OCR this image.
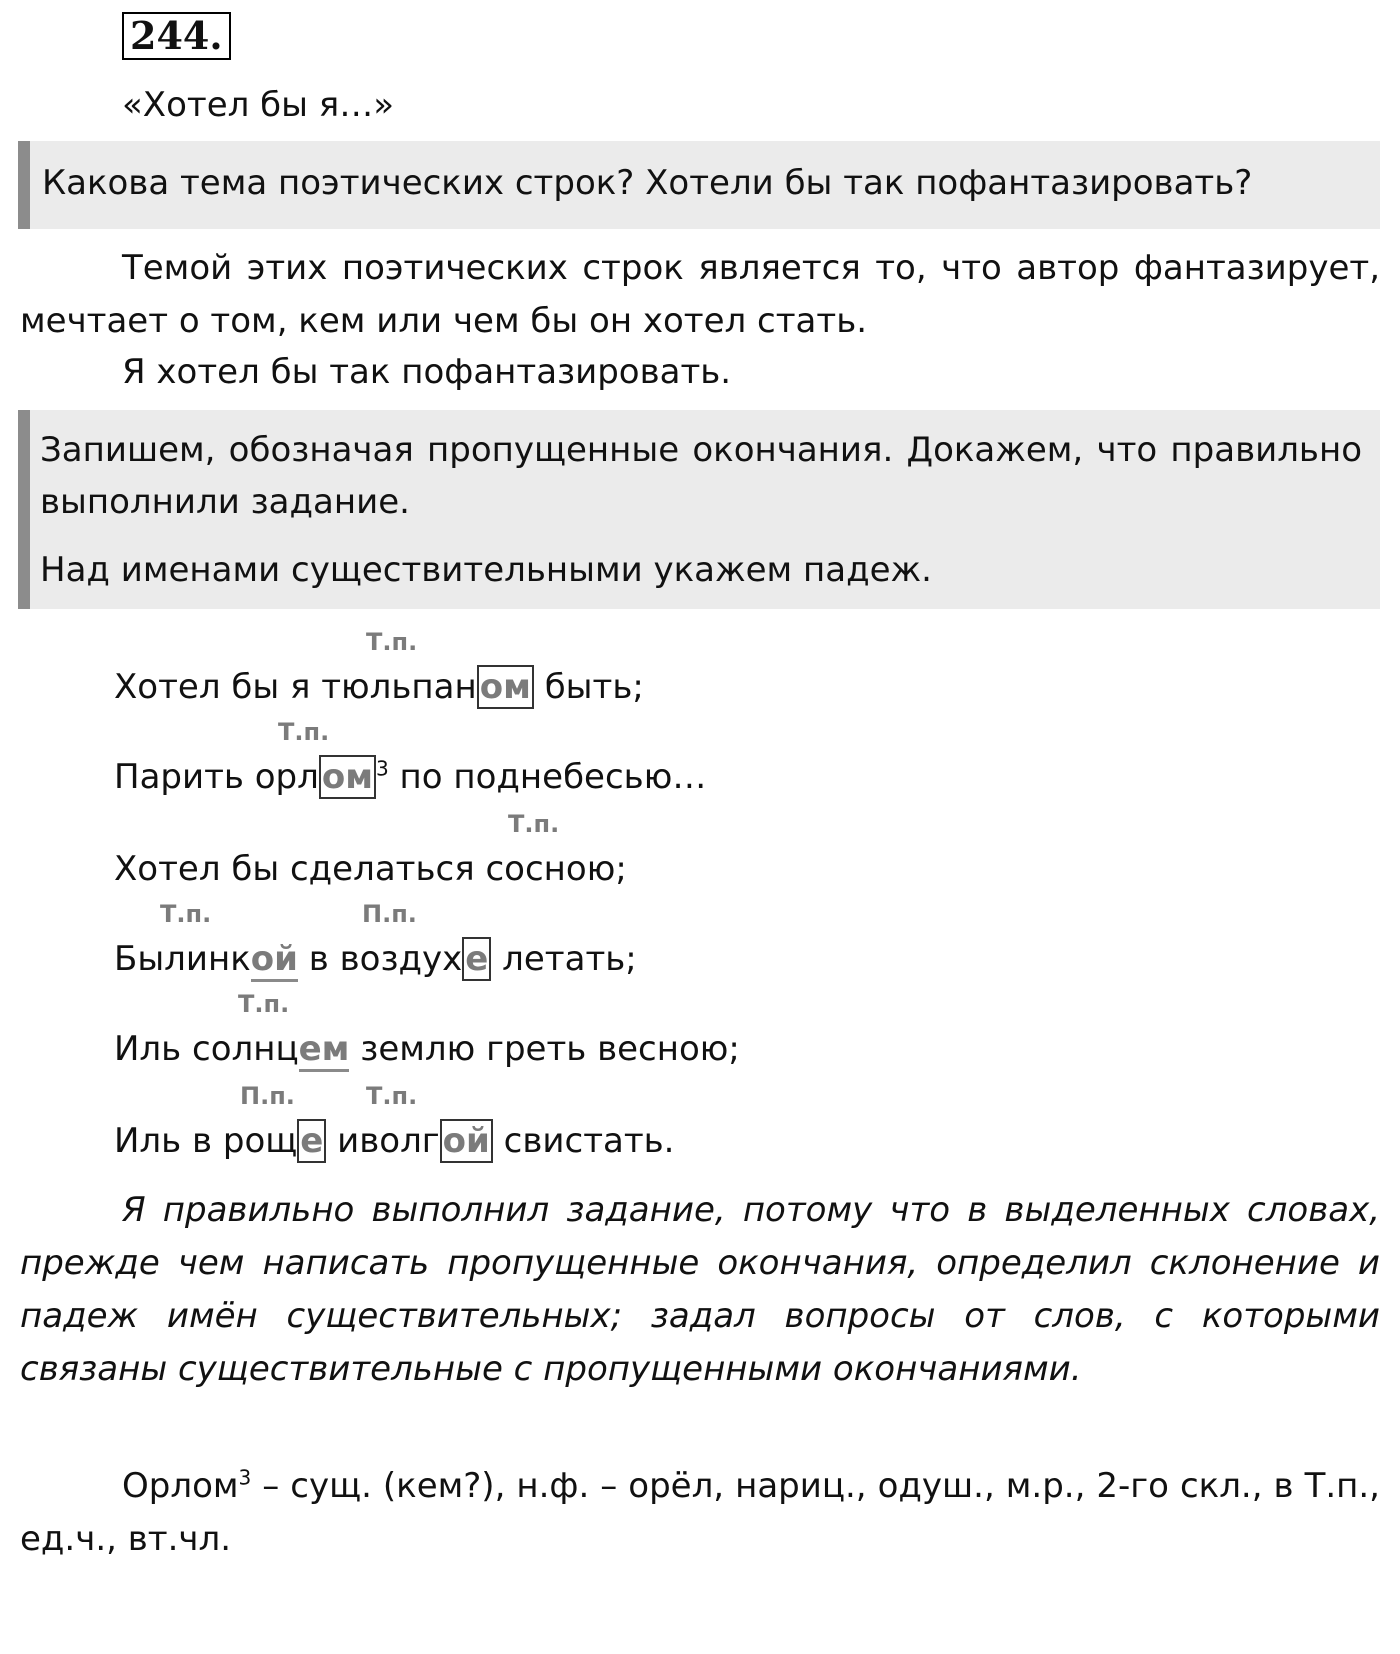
244.
«Хотел бы я…»

Какова тема поэтических строк? Хотели бы так пофантазировать?

Темой этих поэтических строк является то, что автор фантазирует, мечтает о том, кем или чем бы он хотел стать.

Я хотел бы так пофантазировать.

Запишем, обозначая пропущенные окончания. Докажем, что правильно выполнили задание.

Над именами существительными укажем падеж.

Т.п.
Хотел бы я тюльпаном быть;
Т.п.
Парить орлом $^3$ по поднебесью…
Т.п.
Хотел бы сделаться сосною;
Т.п.	П.п.
Былинкой в воздухе летать;
Т.п.
Иль солнцем землю греть весною;
П.п.	Т.п.
Иль в роще иволгой свистать.

Я правильно выполнил задание, потому что в выделенных словах, прежде чем написать пропущенные окончания, определил склонение и падеж имён существительных; задал вопросы от слов, с которыми связаны существительные с пропущенными окончаниями.

Орлом$^3$ – сущ. (кем?), н.ф. – орёл, нариц., одуш., м.р., 2-го скл., в Т.п., ед.ч., вт.чл.
